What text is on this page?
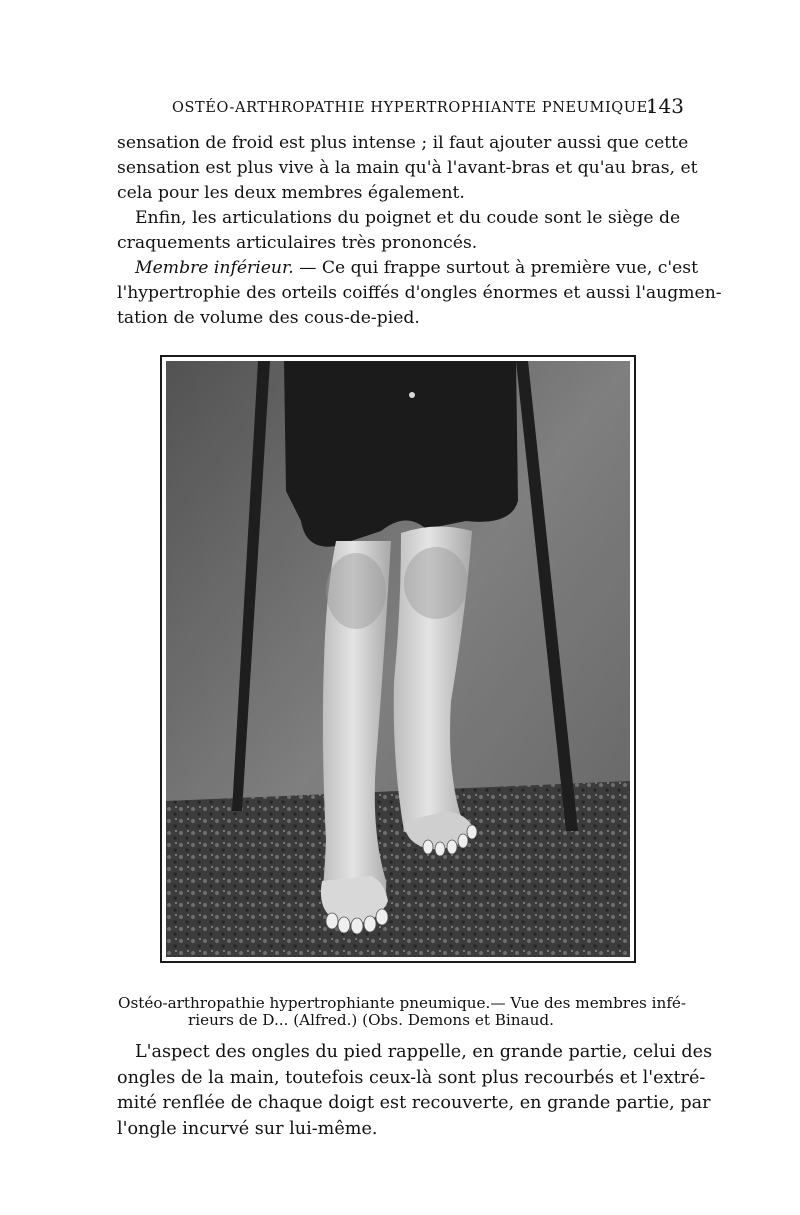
OSTÉO-ARTHROPATHIE HYPERTROPHIANTE PNEUMIQUE.
143

sensation de froid est plus intense ; il faut ajouter aussi que cette
sensation est plus vive à la main qu'à l'avant-bras et qu'au bras, et
cela pour les deux membres également.

Enfin, les articulations du poignet et du coude sont le siège de
craquements articulaires très prononcés.

Membre inférieur. — Ce qui frappe surtout à première vue, c'est
l'hypertrophie des orteils coiffés d'ongles énormes et aussi l'augmen-
tation de volume des cous-de-pied.

Ostéo-arthropathie hypertrophiante pneumique.— Vue des membres infé-
rieurs de D... (Alfred.) (Obs. Demons et Binaud.

L'aspect des ongles du pied rappelle, en grande partie, celui des
ongles de la main, toutefois ceux-là sont plus recourbés et l'extré-
mité renflée de chaque doigt est recouverte, en grande partie, par
l'ongle incurvé sur lui-même.
